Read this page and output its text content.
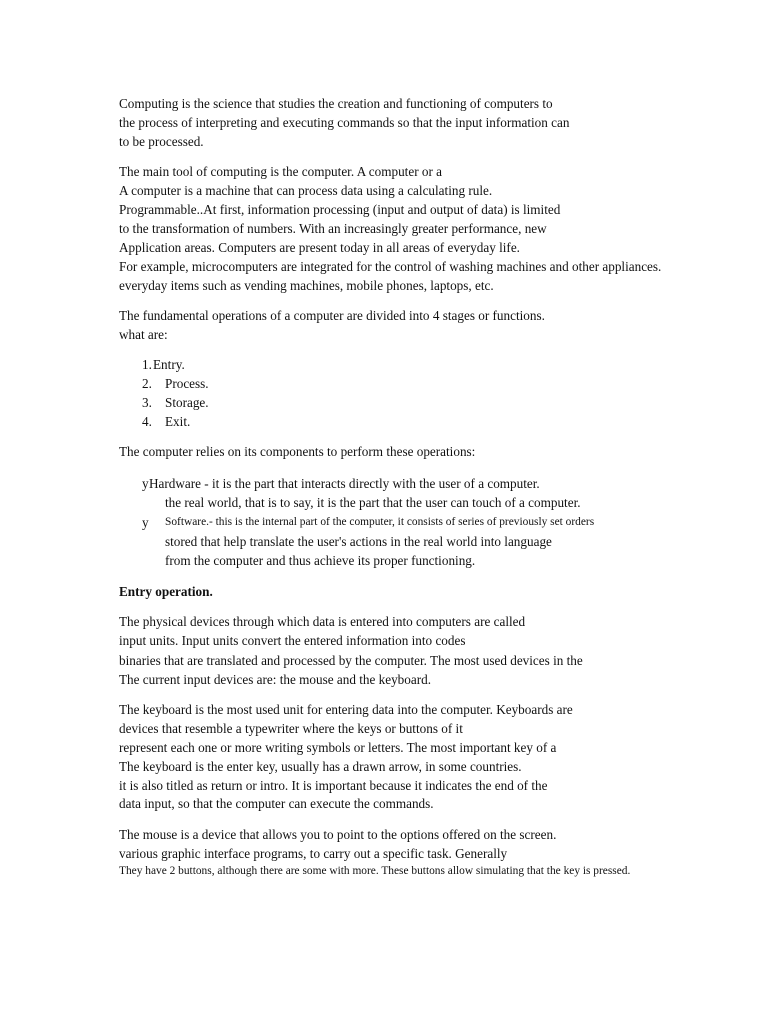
Computing is the science that studies the creation and functioning of computers to
the process of interpreting and executing commands so that the input information can
to be processed.
The main tool of computing is the computer. A computer or a
A computer is a machine that can process data using a calculating rule.
Programmable..At first, information processing (input and output of data) is limited
to the transformation of numbers. With an increasingly greater performance, new
Application areas. Computers are present today in all areas of everyday life.
For example, microcomputers are integrated for the control of washing machines and other appliances.
everyday items such as vending machines, mobile phones, laptops, etc.
The fundamental operations of a computer are divided into 4 stages or functions.
what are:
1. Entry.
2. Process.
3. Storage.
4. Exit.
The computer relies on its components to perform these operations:
y Hardware - it is the part that interacts directly with the user of a computer.
the real world, that is to say, it is the part that the user can touch of a computer.
y Software.- this is the internal part of the computer, it consists of series of previously set orders
stored that help translate the user's actions in the real world into language
from the computer and thus achieve its proper functioning.
Entry operation.
The physical devices through which data is entered into computers are called
input units. Input units convert the entered information into codes
binaries that are translated and processed by the computer. The most used devices in the
The current input devices are: the mouse and the keyboard.
The keyboard is the most used unit for entering data into the computer. Keyboards are
devices that resemble a typewriter where the keys or buttons of it
represent each one or more writing symbols or letters. The most important key of a
The keyboard is the enter key, usually has a drawn arrow, in some countries.
it is also titled as return or intro. It is important because it indicates the end of the
data input, so that the computer can execute the commands.
The mouse is a device that allows you to point to the options offered on the screen.
various graphic interface programs, to carry out a specific task. Generally
They have 2 buttons, although there are some with more. These buttons allow simulating that the key is pressed.
